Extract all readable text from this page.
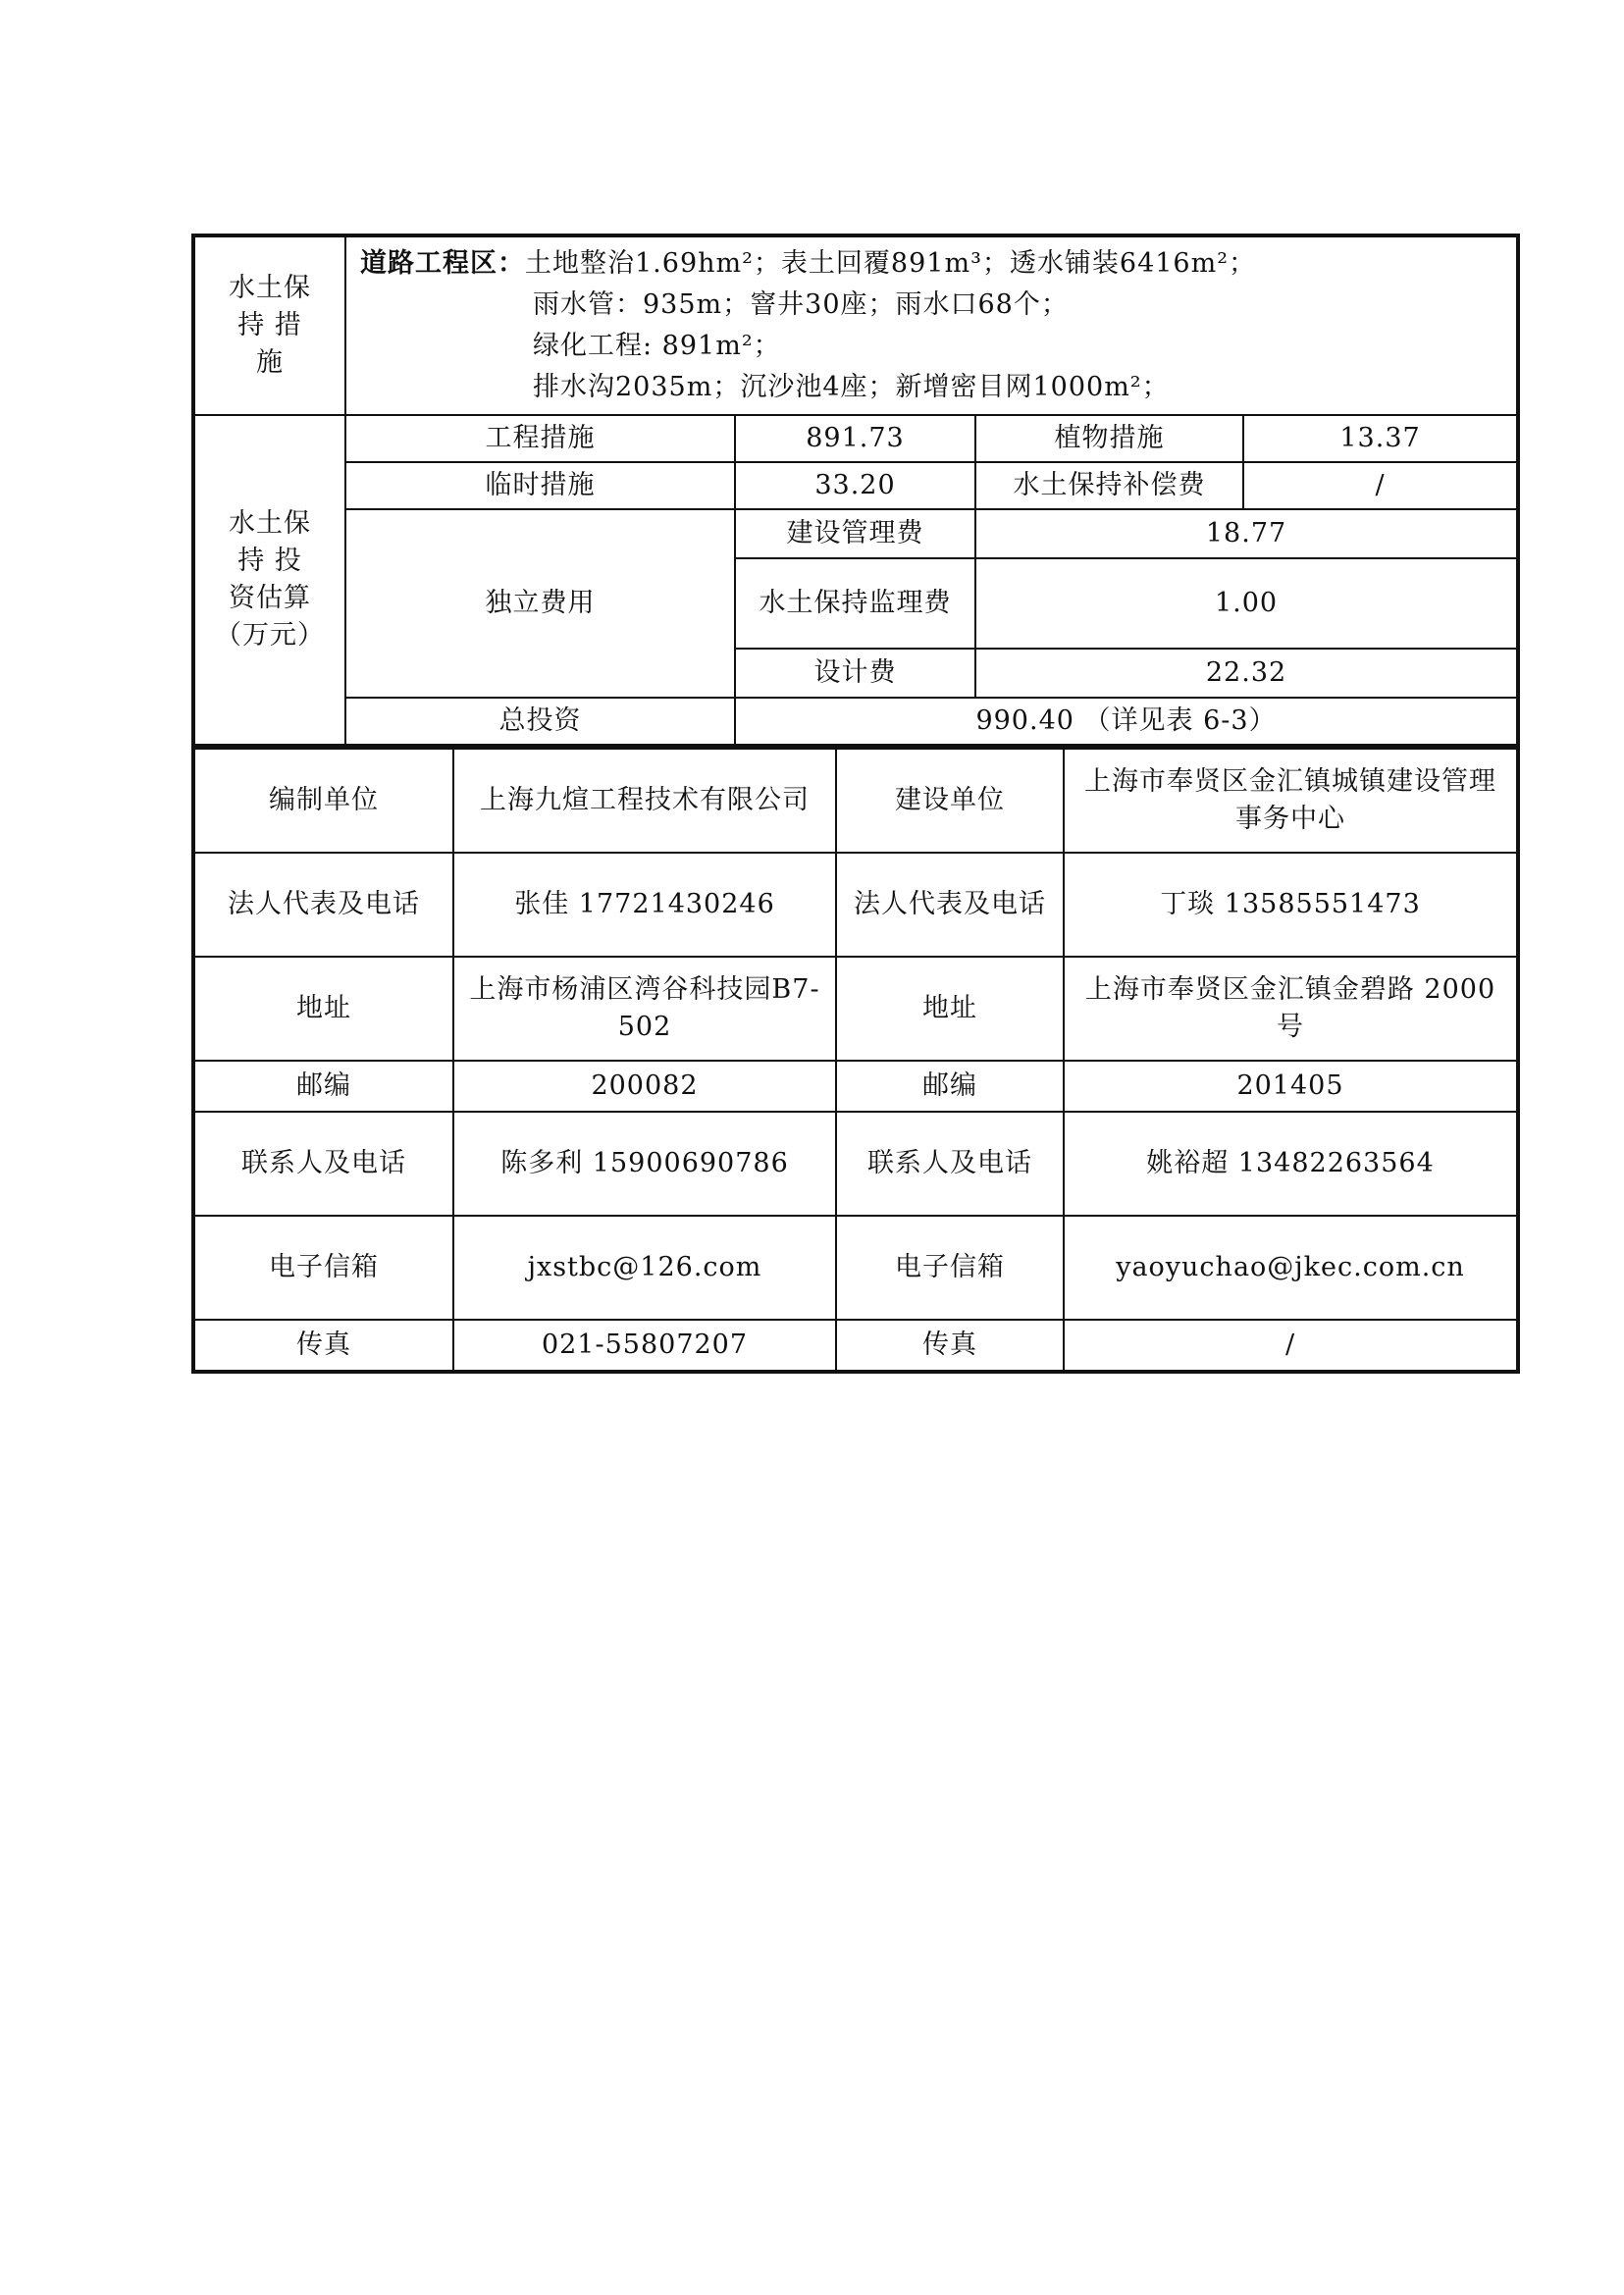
水土保
持 措
施	道路工程区：土地整治1.69hm²；表土回覆891m³；透水铺装6416m²；
雨水管：935m；窨井30座；雨水口68个；
绿化工程: 891m²；
排水沟2035m；沉沙池4座；新增密目网1000m²；			

水土保
持 投
资估算
（万元）	工程措施	891.73	植物措施	13.37
	临时措施	33.20	水土保持补偿费	/
	独立费用	建设管理费	18.77	
		水土保持监理费	1.00	
		设计费	22.32	
	总投资	990.40 （详见表 6-3）		
编制单位	上海九煊工程技术有限公司	建设单位	上海市奉贤区金汇镇城镇建设管理事务中心
法人代表及电话	张佳 17721430246	法人代表及电话	丁琰 13585551473
地址	上海市杨浦区湾谷科技园B7-502	地址	上海市奉贤区金汇镇金碧路 2000号
邮编	200082	邮编	201405
联系人及电话	陈多利 15900690786	联系人及电话	姚裕超 13482263564
电子信箱	jxstbc@126.com	电子信箱	yaoyuchao@jkec.com.cn
传真	021-55807207	传真	/
